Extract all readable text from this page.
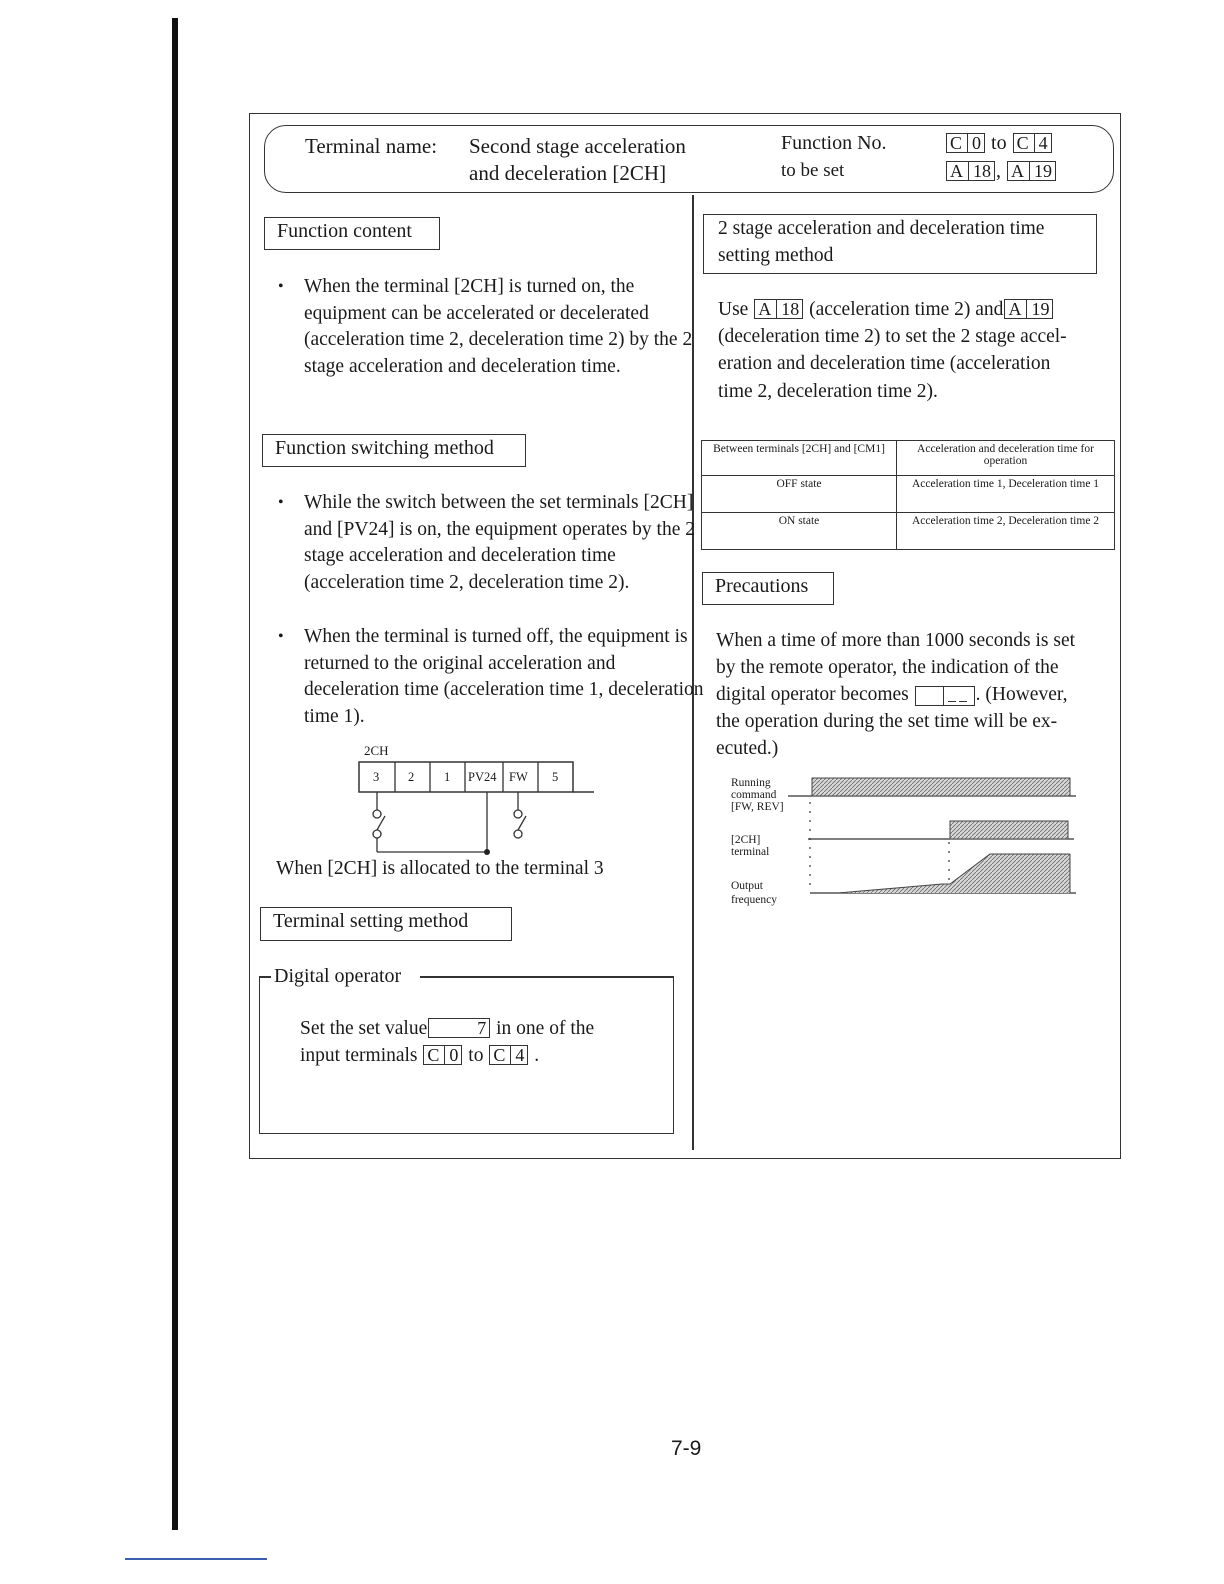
Terminal name: Second stage acceleration
and deceleration [2CH]
Function No.
to be set
C 0 to C 4
A 18 , A 19
Function content
• When the terminal [2CH] is turned on, the equipment can be accelerated or decelerated (acceleration time 2, deceleration time 2) by the 2 stage acceleration and deceleration time.
Function switching method
• While the switch between the set terminals [2CH] and [PV24] is on, the equipment operates by the 2 stage acceleration and deceleration time (acceleration time 2, deceleration time 2).
• When the terminal is turned off, the equipment is returned to the original acceleration and deceleration time (acceleration time 1, deceleration time 1).
2CH
3 2 1 PV24 FW 5
When [2CH] is allocated to the terminal 3
Terminal setting method
Digital operator
Set the set value	7 in one of the
input terminals C 0 to C 4 .
2 stage acceleration and deceleration time
setting method
Use A 18 (acceleration time 2) and A 19
(deceleration time 2) to set the 2 stage accel-
eration and deceleration time (acceleration
time 2, deceleration time 2).
Between terminals [2CH] and [CM1]	Acceleration and deceleration time for operation
OFF state	Acceleration time 1, Deceleration time 1
ON state	Acceleration time 2, Deceleration time 2
Precautions
When a time of more than 1000 seconds is set
by the remote operator, the indication of the
digital operator becomes	. (However,
the operation during the set time will be ex-
ecuted.)
Running
command
[FW, REV]
[2CH]
terminal
Output
frequency
7-9
